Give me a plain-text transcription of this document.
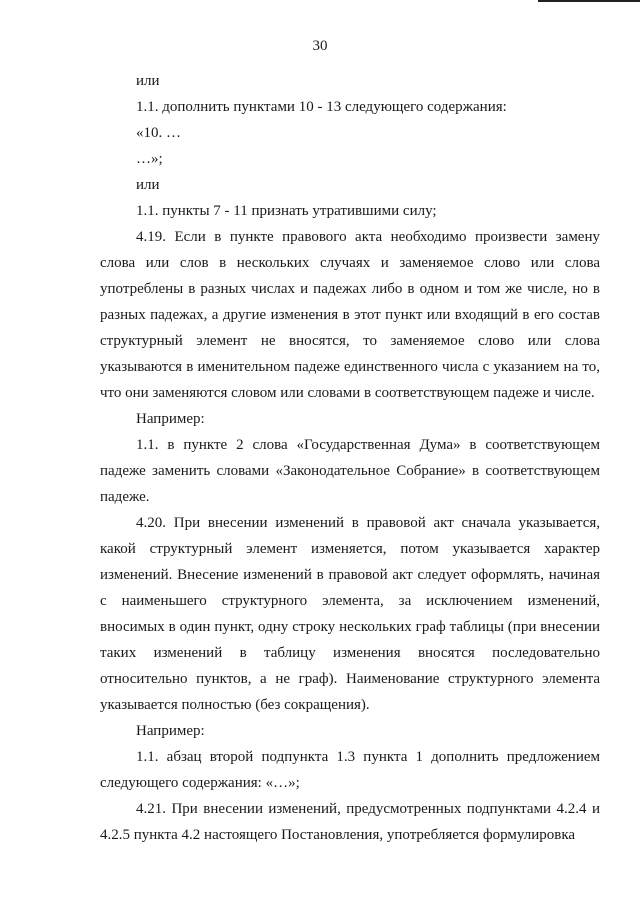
30

или

1.1. дополнить пунктами 10 - 13 следующего содержания:

«10. …

…»;

или

1.1. пункты 7 - 11 признать утратившими силу;

4.19. Если в пункте правового акта необходимо произвести замену слова или слов в нескольких случаях и заменяемое слово или слова употреблены в разных числах и падежах либо в одном и том же числе, но в разных падежах, а другие изменения в этот пункт или входящий в его состав структурный элемент не вносятся, то заменяемое слово или слова указываются в именительном падеже единственного числа с указанием на то, что они заменяются словом или словами в соответствующем падеже и числе.

Например:

1.1. в пункте 2 слова «Государственная Дума» в соответствующем падеже заменить словами «Законодательное Собрание» в соответствующем падеже.

4.20. При внесении изменений в правовой акт сначала указывается, какой структурный элемент изменяется, потом указывается характер изменений. Внесение изменений в правовой акт следует оформлять, начиная с наименьшего структурного элемента, за исключением изменений, вносимых в один пункт, одну строку нескольких граф таблицы (при внесении таких изменений в таблицу изменения вносятся последовательно относительно пунктов, а не граф). Наименование структурного элемента указывается полностью (без сокращения).

Например:

1.1. абзац второй подпункта 1.3 пункта 1 дополнить предложением следующего содержания: «…»;

4.21. При внесении изменений, предусмотренных подпунктами 4.2.4 и 4.2.5 пункта 4.2 настоящего Постановления, употребляется формулировка
